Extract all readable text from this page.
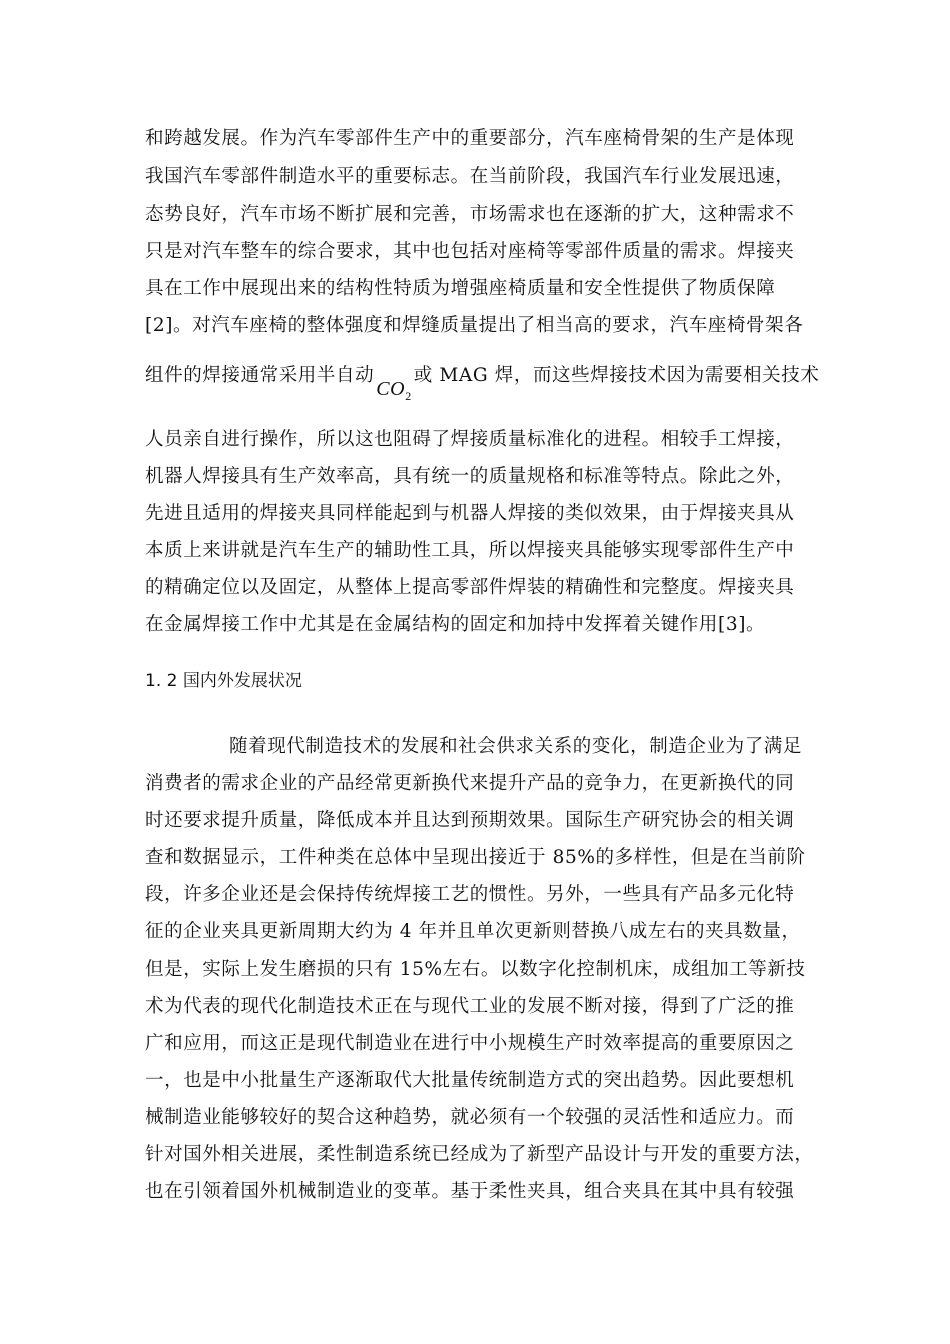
和跨越发展。作为汽车零部件生产中的重要部分，汽车座椅骨架的生产是体现
我国汽车零部件制造水平的重要标志。在当前阶段，我国汽车行业发展迅速，
态势良好，汽车市场不断扩展和完善，市场需求也在逐渐的扩大，这种需求不
只是对汽车整车的综合要求，其中也包括对座椅等零部件质量的需求。焊接夹
具在工作中展现出来的结构性特质为增强座椅质量和安全性提供了物质保障
[2]。对汽车座椅的整体强度和焊缝质量提出了相当高的要求，汽车座椅骨架各
组件的焊接通常采用半自动$CO_2$或 MAG 焊，而这些焊接技术因为需要相关技术
人员亲自进行操作，所以这也阻碍了焊接质量标准化的进程。相较手工焊接，
机器人焊接具有生产效率高，具有统一的质量规格和标准等特点。除此之外，
先进且适用的焊接夹具同样能起到与机器人焊接的类似效果，由于焊接夹具从
本质上来讲就是汽车生产的辅助性工具，所以焊接夹具能够实现零部件生产中
的精确定位以及固定，从整体上提高零部件焊装的精确性和完整度。焊接夹具
在金属焊接工作中尤其是在金属结构的固定和加持中发挥着关键作用[3]。
1. 2 国内外发展状况
随着现代制造技术的发展和社会供求关系的变化，制造企业为了满足
消费者的需求企业的产品经常更新换代来提升产品的竞争力，在更新换代的同
时还要求提升质量，降低成本并且达到预期效果。国际生产研究协会的相关调
查和数据显示，工件种类在总体中呈现出接近于 85%的多样性，但是在当前阶
段，许多企业还是会保持传统焊接工艺的惯性。另外，一些具有产品多元化特
征的企业夹具更新周期大约为 4 年并且单次更新则替换八成左右的夹具数量，
但是，实际上发生磨损的只有 15%左右。以数字化控制机床，成组加工等新技
术为代表的现代化制造技术正在与现代工业的发展不断对接，得到了广泛的推
广和应用，而这正是现代制造业在进行中小规模生产时效率提高的重要原因之
一，也是中小批量生产逐渐取代大批量传统制造方式的突出趋势。因此要想机
械制造业能够较好的契合这种趋势，就必须有一个较强的灵活性和适应力。而
针对国外相关进展，柔性制造系统已经成为了新型产品设计与开发的重要方法，
也在引领着国外机械制造业的变革。基于柔性夹具，组合夹具在其中具有较强
